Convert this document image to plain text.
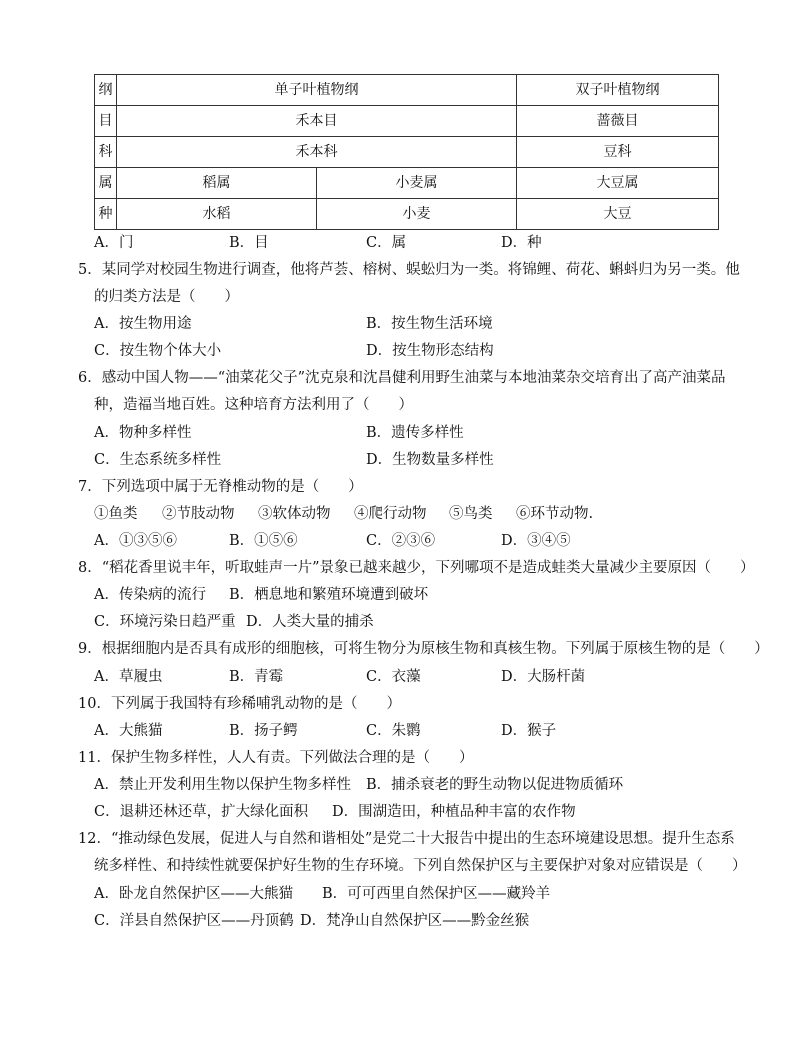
纲	单子叶植物纲		双子叶植物纲
目	禾本目		蔷薇目
科	禾本科		豆科
属	稻属	小麦属	大豆属
种	水稻	小麦	大豆
A．门	B．目	C．属	D．种
5．某同学对校园生物进行调查，他将芦荟、榕树、蜈蚣归为一类。将锦鲤、荷花、蝌蚪归为另一类。他
的归类方法是（　　）
A．按生物用途	B．按生物生活环境
C．按生物个体大小	D．按生物形态结构
6．感动中国人物——“油菜花父子”沈克泉和沈昌健利用野生油菜与本地油菜杂交培育出了高产油菜品
种，造福当地百姓。这种培育方法利用了（　　）
A．物种多样性	B．遗传多样性
C．生态系统多样性	D．生物数量多样性
7．下列选项中属于无脊椎动物的是（　　）
①鱼类 ②节肢动物 ③软体动物 ④爬行动物 ⑤鸟类 ⑥环节动物.
A．①③⑤⑥	B．①⑤⑥	C．②③⑥	D．③④⑤
8．“稻花香里说丰年，听取蛙声一片”景象已越来越少，下列哪项不是造成蛙类大量减少主要原因（　　）
A．传染病的流行 B．栖息地和繁殖环境遭到破坏
C．环境污染日趋严重 D．人类大量的捕杀
9．根据细胞内是否具有成形的细胞核，可将生物分为原核生物和真核生物。下列属于原核生物的是（　　）
A．草履虫	B．青霉	C．衣藻	D．大肠杆菌
10．下列属于我国特有珍稀哺乳动物的是（　　）
A．大熊猫	B．扬子鳄	C．朱鹮	D．猴子
11．保护生物多样性，人人有责。下列做法合理的是（　　）
A．禁止开发利用生物以保护生物多样性 B．捕杀衰老的野生动物以促进物质循环
C．退耕还林还草，扩大绿化面积 D．围湖造田，种植品种丰富的农作物
12．“推动绿色发展，促进人与自然和谐相处”是党二十大报告中提出的生态环境建设思想。提升生态系
统多样性、和持续性就要保护好生物的生存环境。下列自然保护区与主要保护对象对应错误是（　　）
A．卧龙自然保护区——大熊猫 B．可可西里自然保护区——藏羚羊
C．洋县自然保护区——丹顶鹤 D．梵净山自然保护区——黔金丝猴
